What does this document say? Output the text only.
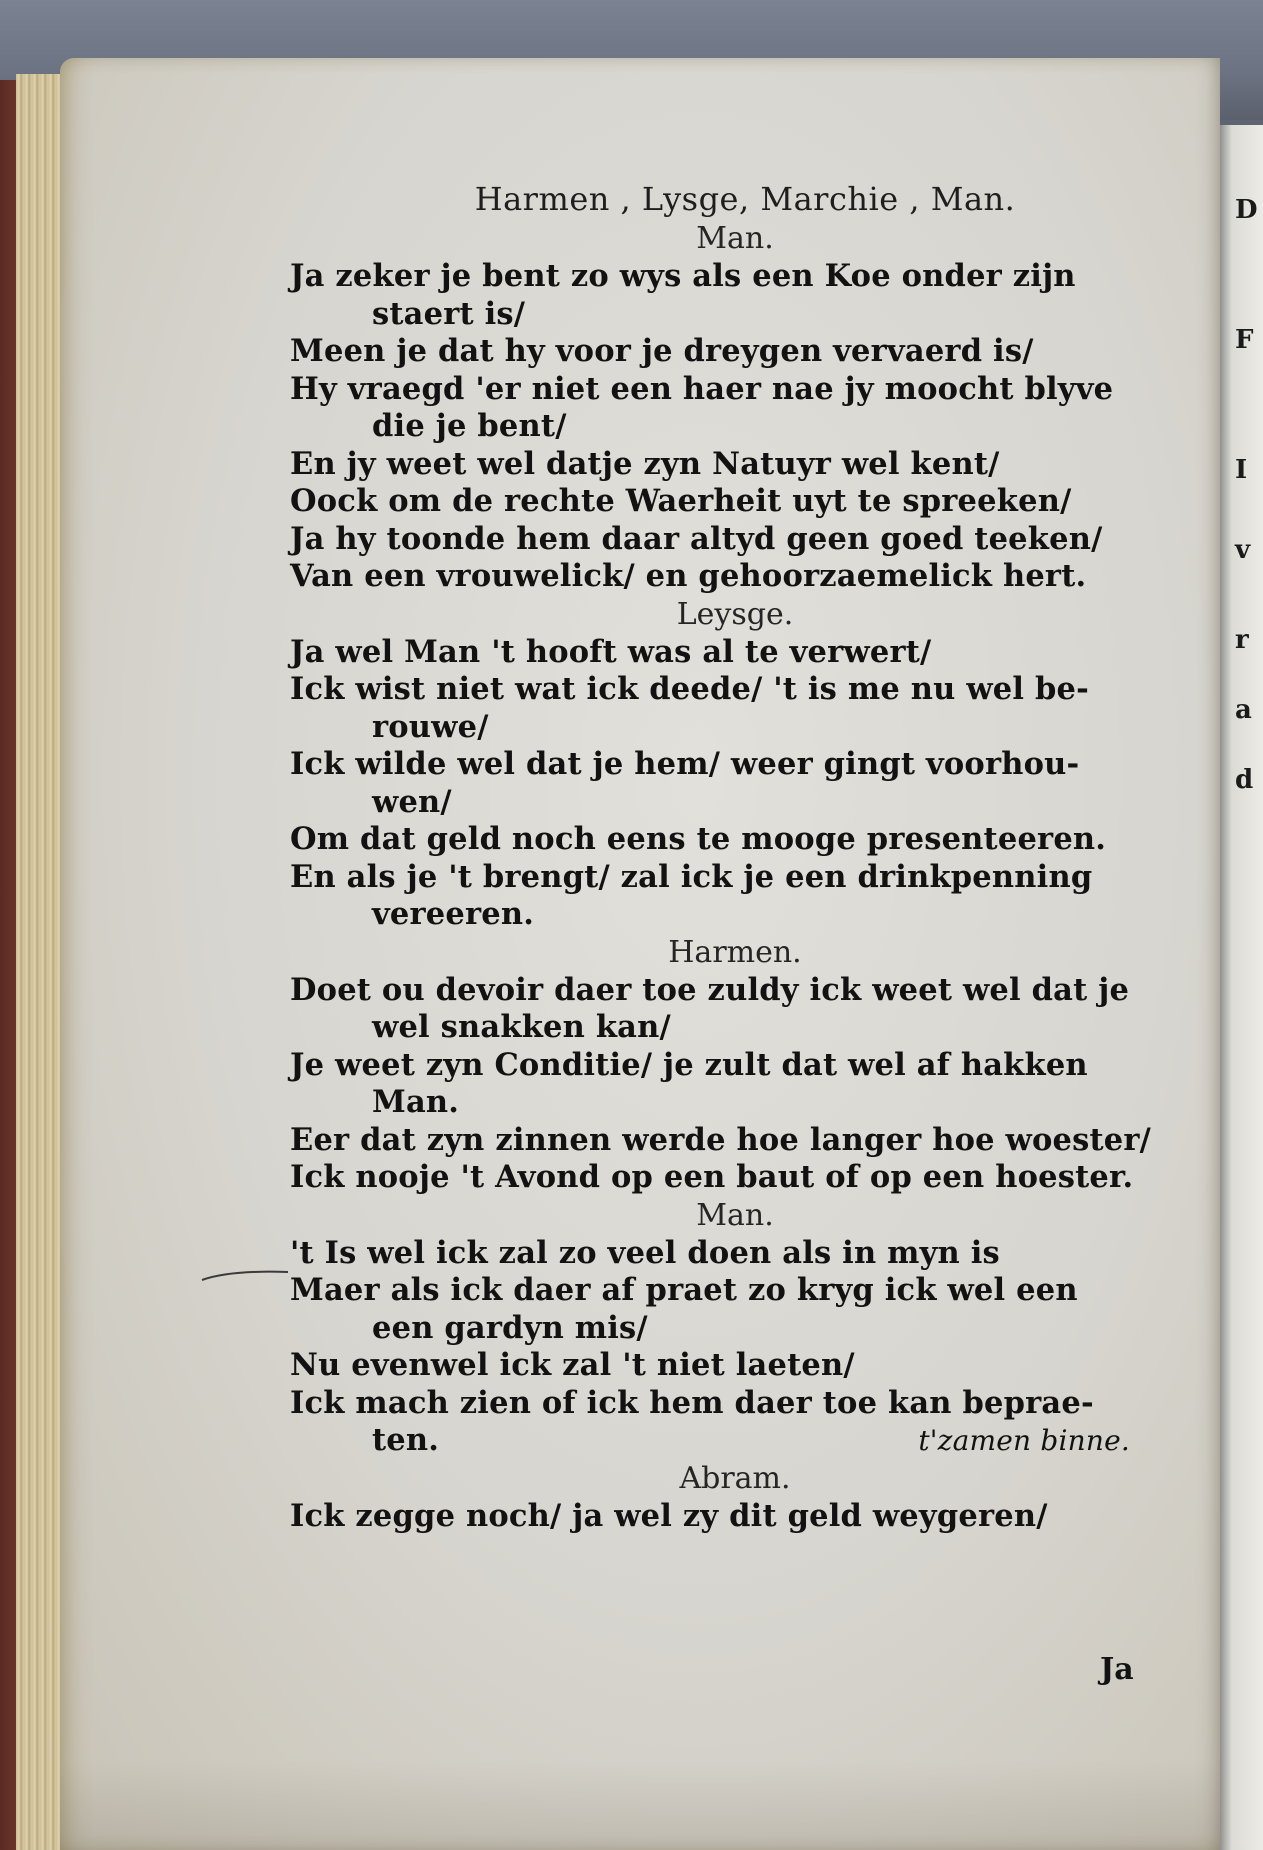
D
F
I
v
r
a
d
Harmen , Lysge, Marchie , Man.
Man.
Ja zeker je bent zo wys als een Koe onder zijn
staert is/
Meen je dat hy voor je dreygen vervaerd is/
Hy vraegd 'er niet een haer nae jy moocht blyve
die je bent/
En jy weet wel datje zyn Natuyr wel kent/
Oock om de rechte Waerheit uyt te spreeken/
Ja hy toonde hem daar altyd geen goed teeken/
Van een vrouwelick/ en gehoorzaemelick hert.
Leysge.
Ja wel Man 't hooft was al te verwert/
Ick wist niet wat ick deede/ 't is me nu wel be-
rouwe/
Ick wilde wel dat je hem/ weer gingt voorhou-
wen/
Om dat geld noch eens te mooge presenteeren.
En als je 't brengt/ zal ick je een drinkpenning
vereeren.
Harmen.
Doet ou devoir daer toe zuldy ick weet wel dat je
wel snakken kan/
Je weet zyn Conditie/ je zult dat wel af hakken
Man.
Eer dat zyn zinnen werde hoe langer hoe woester/
Ick nooje 't Avond op een baut of op een hoester.
Man.
't Is wel ick zal zo veel doen als in myn is
Maer als ick daer af praet zo kryg ick wel een
een gardyn mis/
Nu evenwel ick zal 't niet laeten/
Ick mach zien of ick hem daer toe kan bepraе-
ten.	t'zamen binne.
Abram.
Ick zegge noch/ ja wel zy dit geld weygeren/
Ja
